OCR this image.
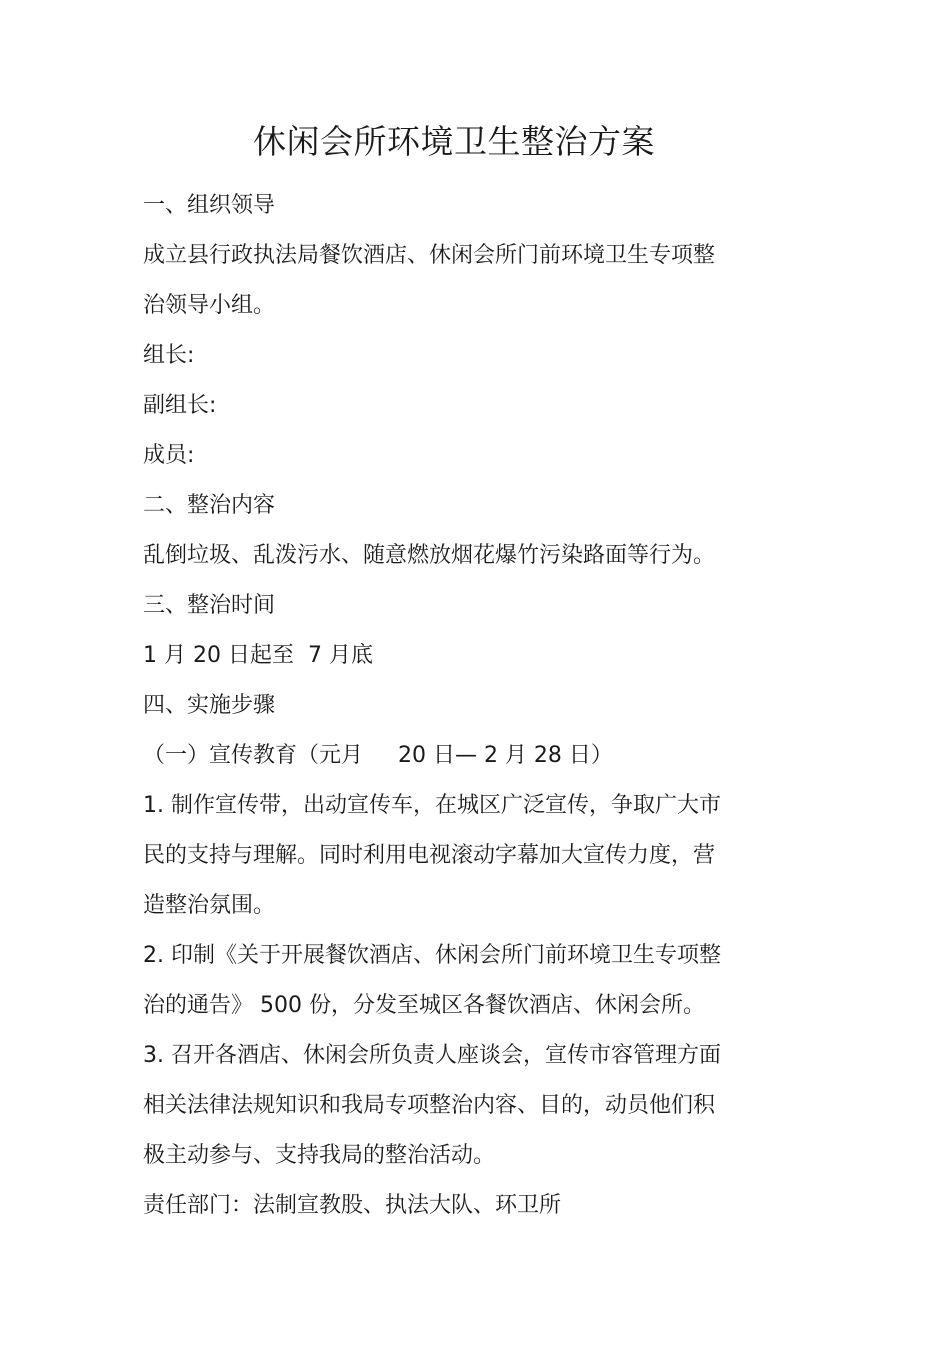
休闲会所环境卫生整治方案
一、组织领导
成立县行政执法局餐饮酒店、休闲会所门前环境卫生专项整
治领导小组。
组长:
副组长:
成员:
二、整治内容
乱倒垃圾、乱泼污水、随意燃放烟花爆竹污染路面等行为。
三、整治时间
1 月 20 日起至  7 月底
四、实施步骤
（一）宣传教育（元月     20 日— 2 月 28 日）
1. 制作宣传带，出动宣传车，在城区广泛宣传，争取广大市
民的支持与理解。同时利用电视滚动字幕加大宣传力度，营
造整治氛围。
2. 印制《关于开展餐饮酒店、休闲会所门前环境卫生专项整
治的通告》 500 份，分发至城区各餐饮酒店、休闲会所。
3. 召开各酒店、休闲会所负责人座谈会，宣传市容管理方面
相关法律法规知识和我局专项整治内容、目的，动员他们积
极主动参与、支持我局的整治活动。
责任部门：法制宣教股、执法大队、环卫所
